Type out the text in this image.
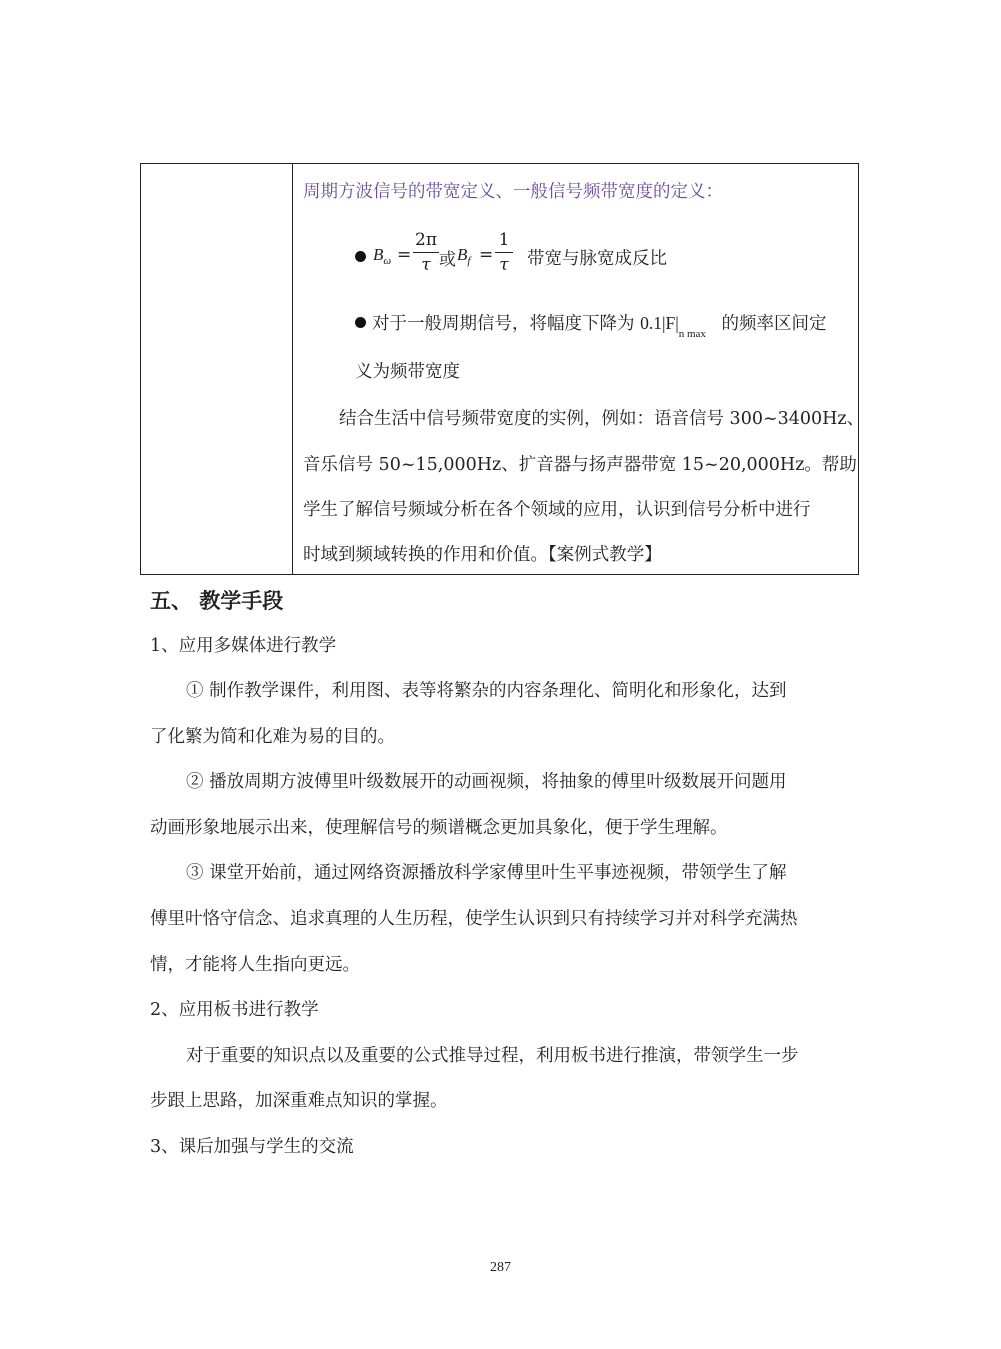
周期方波信号的带宽定义、一般信号频带宽度的定义：
$B_\omega = \frac{2\pi}{\tau}$ 或 $B_f = \frac{1}{\tau}$ 带宽与脉宽成反比
对于一般周期信号，将幅度下降为 $0.1|F|_{n max}$ 的频率区间定
义为频带宽度
结合生活中信号频带宽度的实例，例如：语音信号 300~3400Hz、
音乐信号 50~15,000Hz、扩音器与扬声器带宽 15~20,000Hz。帮助
学生了解信号频域分析在各个领域的应用，认识到信号分析中进行
时域到频域转换的作用和价值。【案例式教学】
五、 教学手段
1、应用多媒体进行教学
① 制作教学课件，利用图、表等将繁杂的内容条理化、简明化和形象化，达到
了化繁为简和化难为易的目的。
② 播放周期方波傅里叶级数展开的动画视频，将抽象的傅里叶级数展开问题用
动画形象地展示出来，使理解信号的频谱概念更加具象化，便于学生理解。
③ 课堂开始前，通过网络资源播放科学家傅里叶生平事迹视频，带领学生了解
傅里叶恪守信念、追求真理的人生历程，使学生认识到只有持续学习并对科学充满热
情，才能将人生指向更远。
2、应用板书进行教学
对于重要的知识点以及重要的公式推导过程，利用板书进行推演，带领学生一步
步跟上思路，加深重难点知识的掌握。
3、课后加强与学生的交流
287
